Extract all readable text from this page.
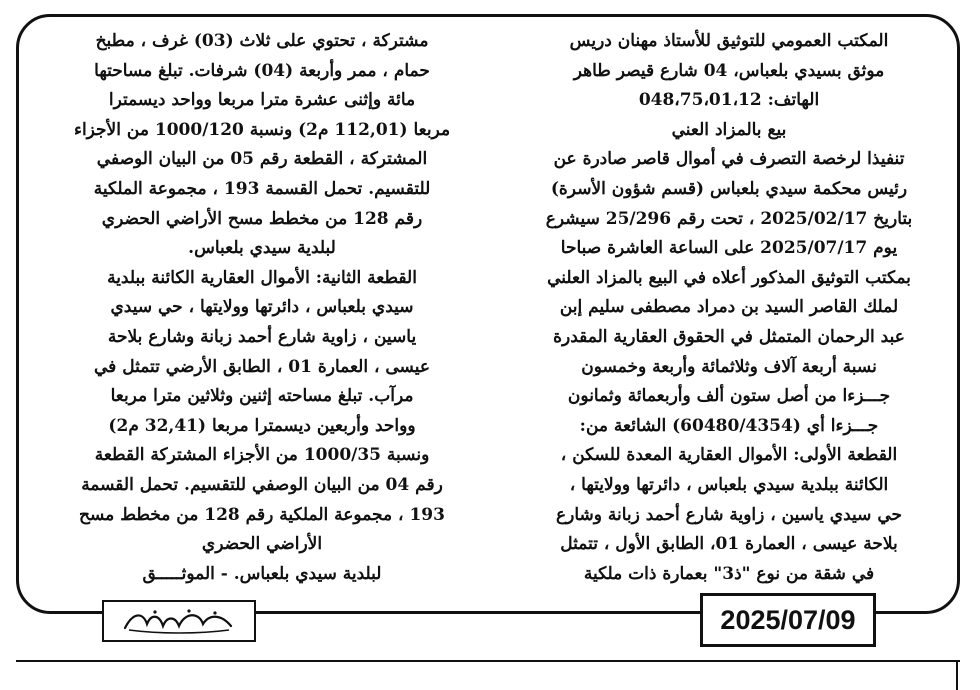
المكتب العمومي للتوثيق للأستاذ مهنان دريس

موثق بسيدي بلعباس، 04 شارع قيصر طاهر

الهاتف: 048،75،01،12

بيع بالمزاد العني

تنفيذا لرخصة التصرف في أموال قاصر صادرة عن

رئيس محكمة سيدي بلعباس (قسم شؤون الأسرة)

بتاريخ 2025/02/17 ، تحت رقم 25/296 سيشرع

يوم 2025/07/17 على الساعة العاشرة صباحا

بمكتب التوثيق المذكور أعلاه في البيع بالمزاد العلني

لملك القاصر السيد بن دمراد مصطفى سليم إبن

عبد الرحمان المتمثل في الحقوق العقارية المقدرة

نسبة أربعة آلاف وثلاثمائة وأربعة وخمسون

جـــزءا من أصل ستون ألف وأربعمائة وثمانون

جـــزءا أي (60480/4354) الشائعة من:

القطعة الأولى: الأموال العقارية المعدة للسكن ،

الكائنة ببلدية سيدي بلعباس ، دائرتها وولايتها ،

حي سيدي ياسين ، زاوية شارع أحمد زبانة وشارع

بلاحة عيسى ، العمارة 01، الطابق الأول ، تتمثل

في شقة من نوع "ذ3" بعمارة ذات ملكية

مشتركة ، تحتوي على ثلاث (03) غرف ، مطبخ

حمام ، ممر وأربعة (04) شرفات. تبلغ مساحتها

مائة وإثنى عشرة مترا مربعا وواحد ديسمترا

مربعا (112,01 م2) ونسبة 1000/120 من الأجزاء

المشتركة ، القطعة رقم 05 من البيان الوصفي

للتقسيم. تحمل القسمة 193 ، مجموعة الملكية

رقم 128 من مخطط مسح الأراضي الحضري

لبلدية سيدي بلعباس.

القطعة الثانية: الأموال العقارية الكائنة ببلدية

سيدي بلعباس ، دائرتها وولايتها ، حي سيدي

ياسين ، زاوية شارع أحمد زبانة وشارع بلاحة

عيسى ، العمارة 01 ، الطابق الأرضي تتمثل في

مرآب. تبلغ مساحته إثنين وثلاثين مترا مربعا

وواحد وأربعين ديسمترا مربعا (32,41 م2)

ونسبة 1000/35 من الأجزاء المشتركة القطعة

رقم 04 من البيان الوصفي للتقسيم. تحمل القسمة

193 ، مجموعة الملكية رقم 128 من مخطط مسح

الأراضي الحضري

لبلدية سيدي بلعباس. - الموثـــــق

2025/07/09
